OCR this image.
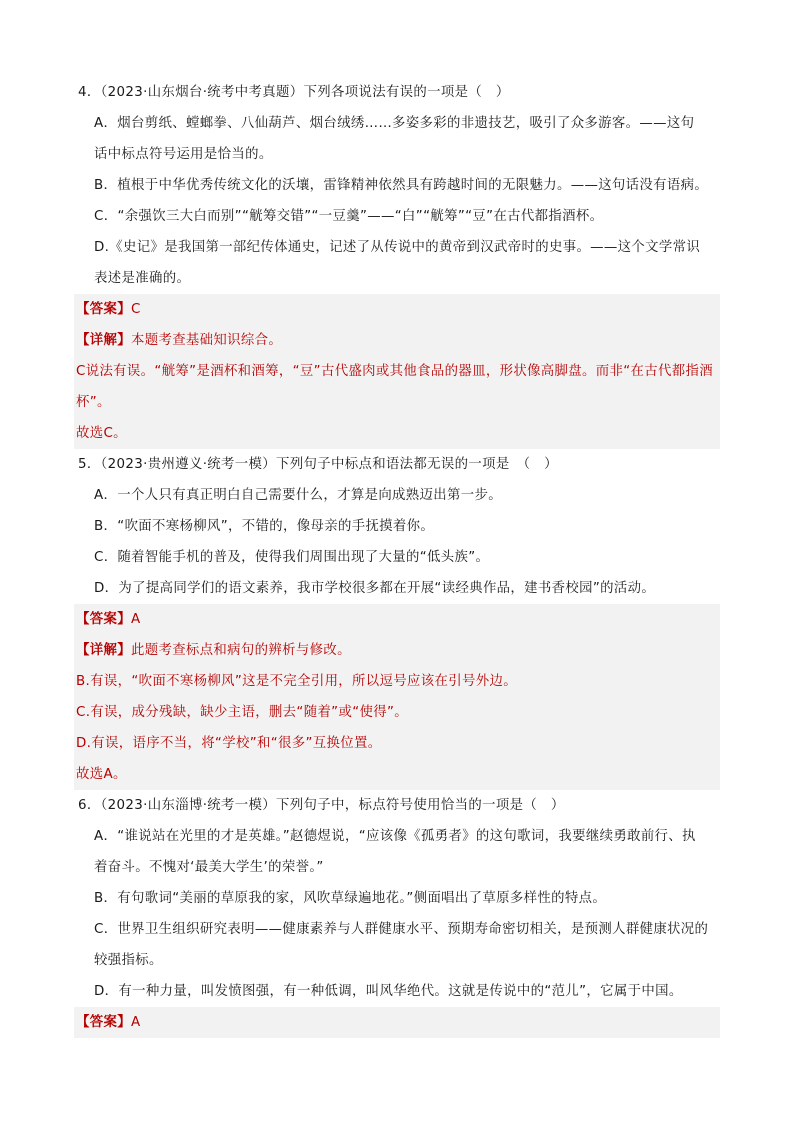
4．（2023·山东烟台·统考中考真题）下列各项说法有误的一项是（　）
A．烟台剪纸、螳螂拳、八仙葫芦、烟台绒绣……多姿多彩的非遗技艺，吸引了众多游客。——这句
话中标点符号运用是恰当的。
B．植根于中华优秀传统文化的沃壤，雷锋精神依然具有跨越时间的无限魅力。——这句话没有语病。
C．“余强饮三大白而别”“觥筹交错”“一豆羹”——“白”“觥筹”“豆”在古代都指酒杯。
D.《史记》是我国第一部纪传体通史，记述了从传说中的黄帝到汉武帝时的史事。——这个文学常识
表述是准确的。
【答案】C
【详解】本题考查基础知识综合。
C说法有误。“觥筹”是酒杯和酒筹，“豆”古代盛肉或其他食品的器皿，形状像高脚盘。而非“在古代都指酒
杯”。
故选C。
5．（2023·贵州遵义·统考一模）下列句子中标点和语法都无误的一项是　（　）
A．一个人只有真正明白自己需要什么，才算是向成熟迈出第一步。
B．“吹面不寒杨柳风”，不错的，像母亲的手抚摸着你。
C．随着智能手机的普及，使得我们周围出现了大量的“低头族”。
D．为了提高同学们的语文素养，我市学校很多都在开展“读经典作品，建书香校园”的活动。
【答案】A
【详解】此题考查标点和病句的辨析与修改。
B.有误，“吹面不寒杨柳风”这是不完全引用，所以逗号应该在引号外边。
C.有误，成分残缺，缺少主语，删去“随着”或“使得”。
D.有误，语序不当，将“学校”和“很多”互换位置。
故选A。
6．（2023·山东淄博·统考一模）下列句子中，标点符号使用恰当的一项是（　）
A．“谁说站在光里的才是英雄。”赵德煜说，“应该像《孤勇者》的这句歌词，我要继续勇敢前行、执
着奋斗。不愧对‘最美大学生’的荣誉。”
B．有句歌词“美丽的草原我的家，风吹草绿遍地花。”侧面唱出了草原多样性的特点。
C．世界卫生组织研究表明——健康素养与人群健康水平、预期寿命密切相关，是预测人群健康状况的
较强指标。
D．有一种力量，叫发愤图强，有一种低调，叫风华绝代。这就是传说中的“范儿”，它属于中国。
【答案】A
